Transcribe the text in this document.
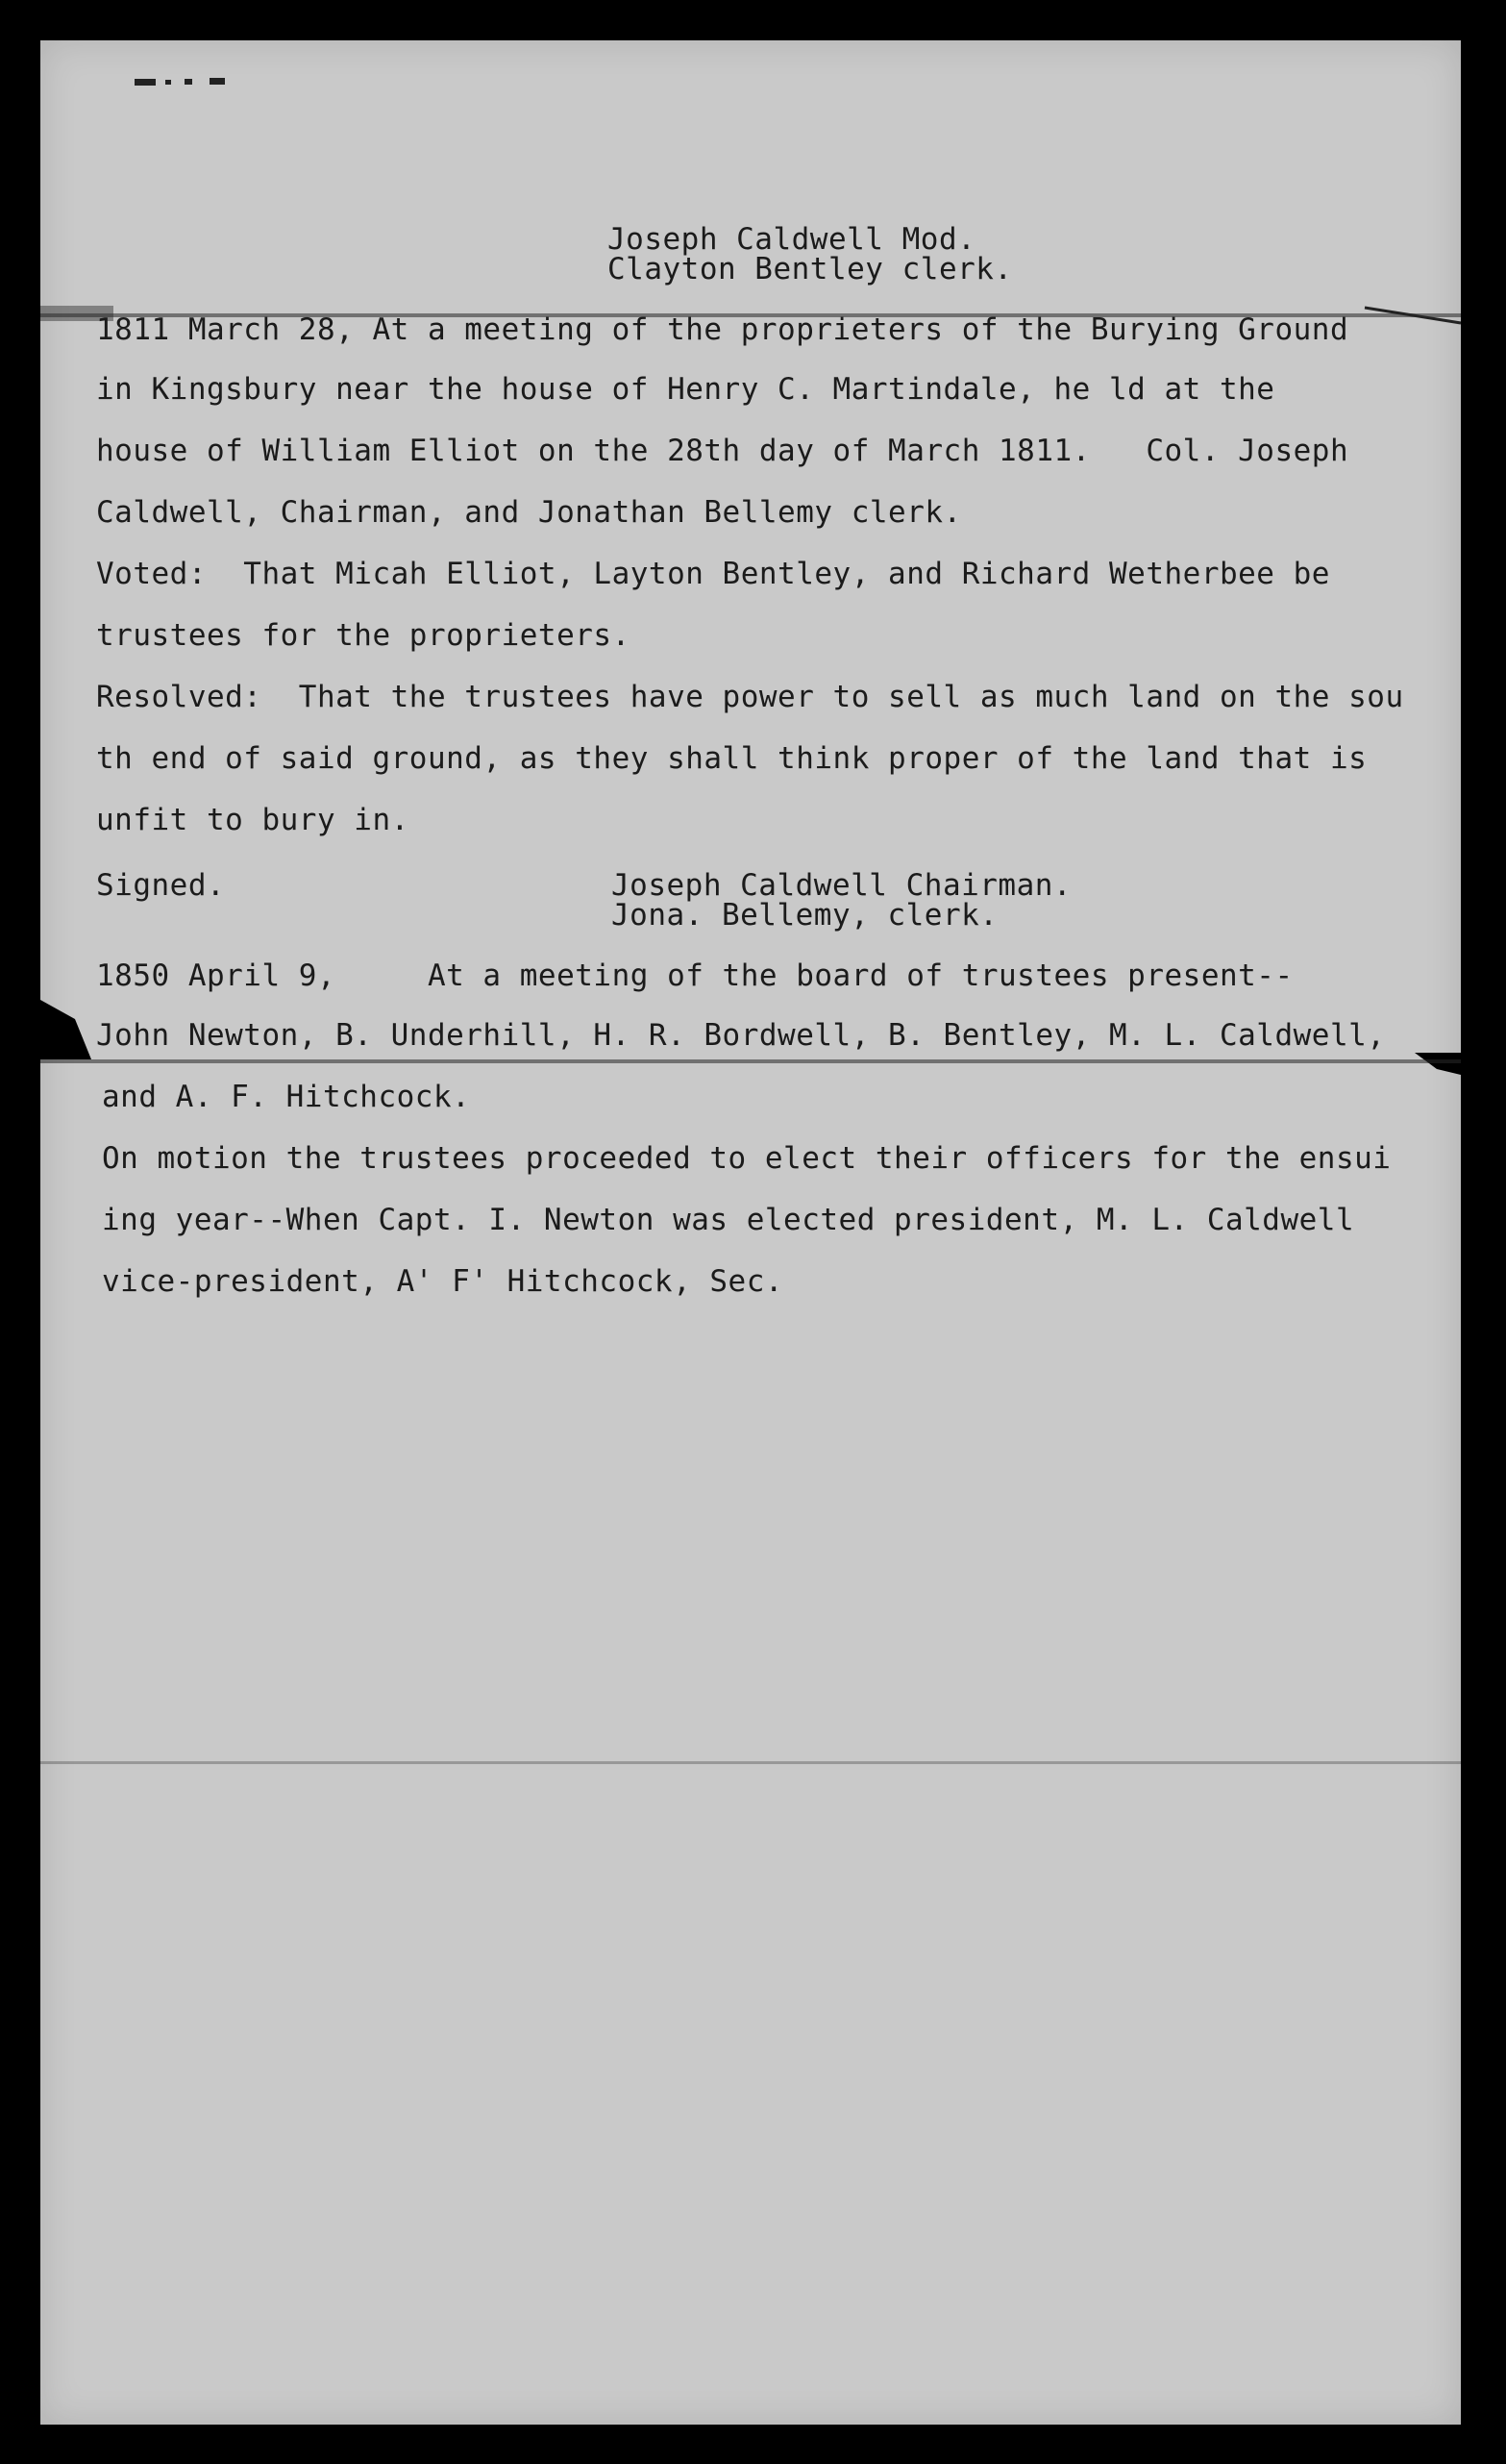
Joseph Caldwell Mod.
Clayton Bentley clerk.
1811 March 28, At a meeting of the proprieters of the Burying Ground
in Kingsbury near the house of Henry C. Martindale, he ld at the
house of William Elliot on the 28th day of March 1811.   Col. Joseph
Caldwell, Chairman, and Jonathan Bellemy clerk.
Voted:  That Micah Elliot, Layton Bentley, and Richard Wetherbee be
trustees for the proprieters.
Resolved:  That the trustees have power to sell as much land on the sou
th end of said ground, as they shall think proper of the land that is
unfit to bury in.
Signed.	Joseph Caldwell Chairman.
Jona. Bellemy, clerk.
1850 April 9,     At a meeting of the board of trustees present--
John Newton, B. Underhill, H. R. Bordwell, B. Bentley, M. L. Caldwell,
and A. F. Hitchcock.
On motion the trustees proceeded to elect their officers for the ensui
ing year--When Capt. I. Newton was elected president, M. L. Caldwell
vice-president, A' F' Hitchcock, Sec.
